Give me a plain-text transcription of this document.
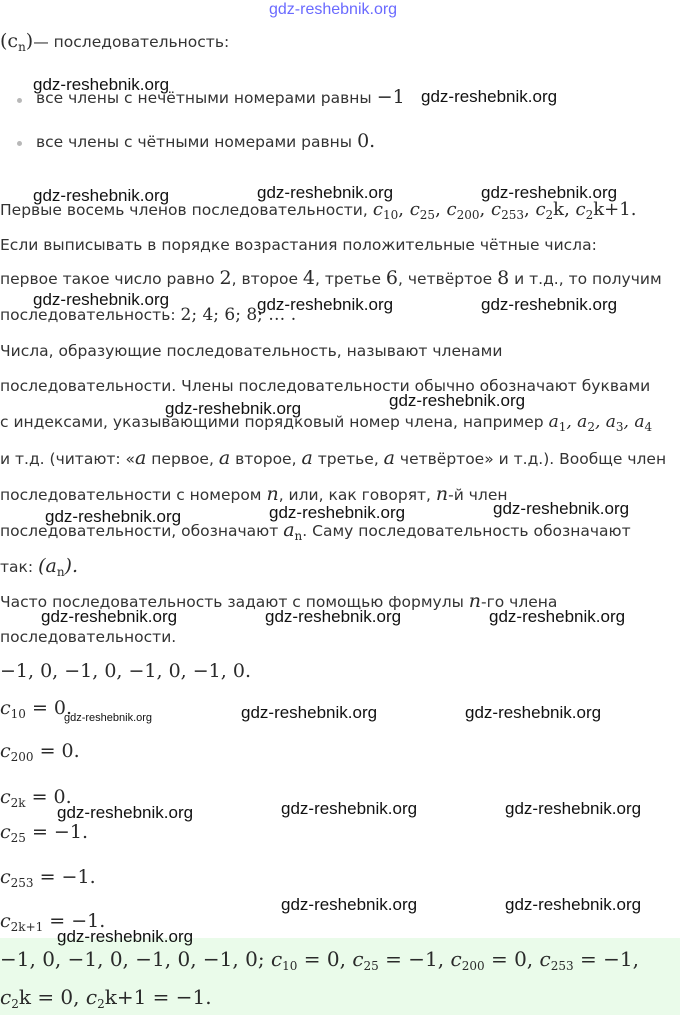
gdz-reshebnik.org
$(c_n)—$ последовательность:
все члены с нечётными номерами равны −1
все члены с чётными номерами равны 0.
Первые восемь членов последовательности, $c_{10}$, $c_{25}$, $c_{200}$, $c_{253}$, $c_2k$, $c_2k+1$.
Если выписывать в порядке возрастания положительные чётные числа:
первое такое число равно 2, второе 4, третье 6, четвёртое 8 и т.д., то получим
последовательность: 2; 4; 6; 8; … .
Числа, образующие последовательность, называют членами
последовательности. Члены последовательности обычно обозначают буквами
с индексами, указывающими порядковый номер члена, например $a_1$, $a_2$, $a_3$, $a_4$
и т.д. (читают: «a первое, a второе, a третье, a четвёртое» и т.д.). Вообще член
последовательности с номером n, или, как говорят, n-й член
последовательности, обозначают $a_n$. Саму последовательность обозначают
так: $(a_n)$.
Часто последовательность задают с помощью формулы n-го члена
последовательности.
−1, 0, −1, 0, −1, 0, −1, 0.
$c_{10} = 0$.
$c_{200} = 0$.
$c_{2k} = 0$.
$c_{25} = -1$.
$c_{253} = -1$.
$c_{2k+1} = -1$.
−1, 0, −1, 0, −1, 0, −1, 0; $c_{10} = 0$, $c_{25} = -1$, $c_{200} = 0$, $c_{253} = -1$,
$c_2k = 0$, $c_2k+1 = -1$.
gdz-reshebnik.org
gdz-reshebnik.org
gdz-reshebnik.org	gdz-reshebnik.org	gdz-reshebnik.org
gdz-reshebnik.org	gdz-reshebnik.org	gdz-reshebnik.org
gdz-reshebnik.org	gdz-reshebnik.org
gdz-reshebnik.org	gdz-reshebnik.org	gdz-reshebnik.org
gdz-reshebnik.org	gdz-reshebnik.org	gdz-reshebnik.org
gdz-reshebnik.org	gdz-reshebnik.org	gdz-reshebnik.org
gdz-reshebnik.org	gdz-reshebnik.org	gdz-reshebnik.org
gdz-reshebnik.org	gdz-reshebnik.org
gdz-reshebnik.org
